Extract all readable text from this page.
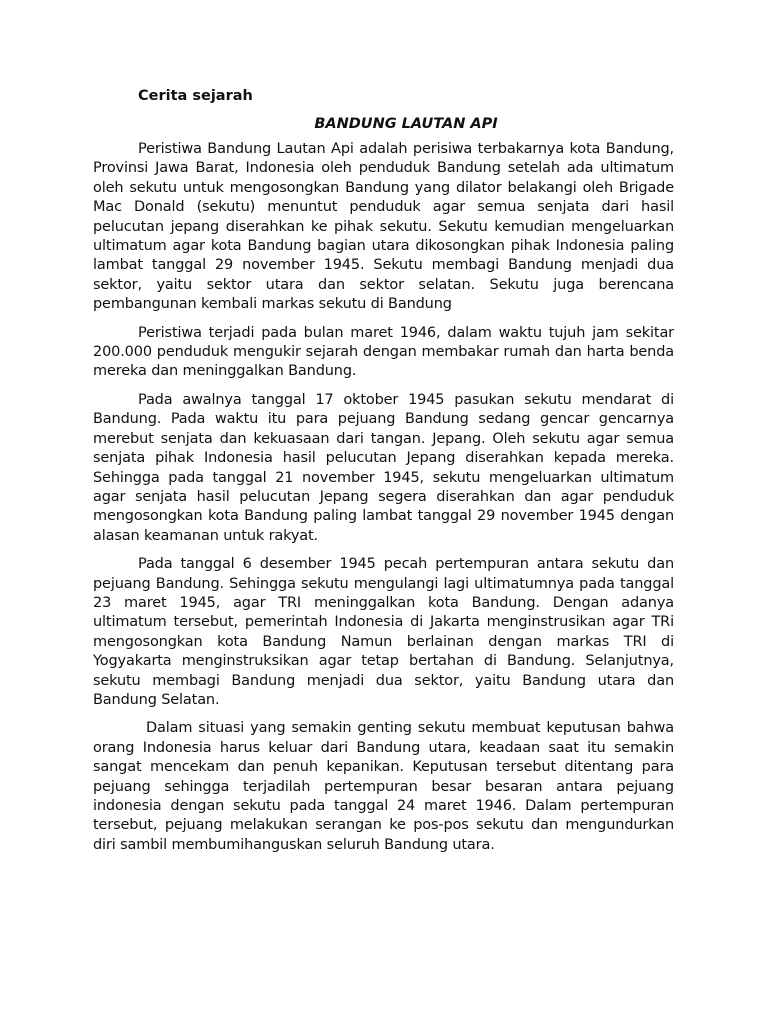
Cerita sejarah
BANDUNG LAUTAN API

Peristiwa Bandung Lautan Api adalah perisiwa terbakarnya kota Bandung, Provinsi Jawa Barat, Indonesia oleh penduduk Bandung setelah ada ultimatum oleh sekutu untuk mengosongkan Bandung yang dilator belakangi oleh Brigade Mac Donald (sekutu) menuntut penduduk agar semua senjata dari hasil pelucutan jepang diserahkan ke pihak sekutu. Sekutu kemudian mengeluarkan ultimatum agar kota Bandung bagian utara dikosongkan pihak Indonesia paling lambat tanggal 29 november 1945. Sekutu membagi Bandung menjadi dua sektor, yaitu sektor utara dan sektor selatan. Sekutu juga berencana pembangunan kembali markas sekutu di Bandung

Peristiwa terjadi pada bulan maret 1946, dalam waktu tujuh jam sekitar 200.000 penduduk mengukir sejarah dengan membakar rumah dan harta benda mereka dan meninggalkan Bandung.

Pada awalnya tanggal 17 oktober 1945 pasukan sekutu mendarat di Bandung. Pada waktu itu para pejuang Bandung sedang gencar gencarnya merebut senjata dan kekuasaan dari tangan. Jepang. Oleh sekutu agar semua senjata pihak Indonesia hasil pelucutan Jepang diserahkan kepada mereka. Sehingga pada tanggal 21 november 1945, sekutu mengeluarkan ultimatum agar senjata hasil pelucutan Jepang segera diserahkan dan agar penduduk mengosongkan kota Bandung paling lambat tanggal 29 november 1945 dengan alasan keamanan untuk rakyat.

Pada tanggal 6 desember 1945 pecah pertempuran antara sekutu dan pejuang Bandung. Sehingga sekutu mengulangi lagi ultimatumnya pada tanggal 23 maret 1945, agar TRI meninggalkan kota Bandung. Dengan adanya ultimatum tersebut, pemerintah Indonesia di Jakarta menginstrusikan agar TRi mengosongkan kota Bandung Namun berlainan dengan markas TRI di Yogyakarta menginstruksikan agar tetap bertahan di Bandung. Selanjutnya, sekutu membagi Bandung menjadi dua sektor, yaitu Bandung utara dan Bandung Selatan.

Dalam situasi yang semakin genting sekutu membuat keputusan bahwa orang Indonesia harus keluar dari Bandung utara, keadaan saat itu semakin sangat mencekam dan penuh kepanikan. Keputusan tersebut ditentang para pejuang sehingga terjadilah pertempuran besar besaran antara pejuang indonesia dengan sekutu pada tanggal 24 maret 1946. Dalam pertempuran tersebut, pejuang melakukan serangan ke pos-pos sekutu dan mengundurkan diri sambil membumihanguskan seluruh Bandung utara.
